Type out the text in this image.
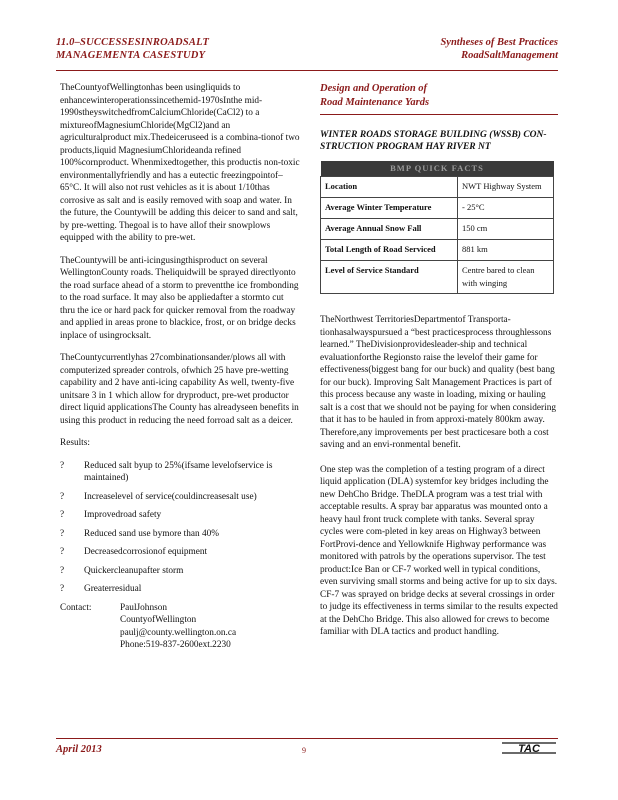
11.0–SUCCESSESINROADSALT
MANAGEMENTA CASESTUDY
Syntheses of Best Practices
RoadSaltManagement

TheCountyofWellingtonhas been usingliquids to enhancewinteroperationssincethemid-1970sInthe mid-1990stheyswitchedfromCalciumChloride(CaCl2) to a mixtureofMagnesiumChloride(MgCl2)and an agriculturalproduct mix.Thedeiceruseed is a combina-tionof two products,liquid MagnesiumChlorideanda refined 100%cornproduct. Whenmixedtogether, this productis non-toxic environmentallyfriendly and has a eutectic freezingpointof–65°C. It will also not rust vehicles as it is about 1/10thas corrosive as salt and is easily removed with soap and water. In the future, the Countywill be adding this deicer to sand and salt, by pre-wetting. Thegoal is to have allof their snowplows equipped with the ability to pre-wet.

TheCountywill be anti-icingusingthisproduct on several WellingtonCounty roads. Theliquidwill be sprayed directlyonto the road surface ahead of a storm to preventthe ice frombonding to the road surface. It may also be appliedafter a stormto cut thru the ice or hard pack for quicker removal from the roadway and applied in areas prone to blackice, frost, or on bridge decks inplace of usingrocksalt.

TheCountycurrentlyhas 27combinationsander/plows all with computerized spreader controls, ofwhich 25 have pre-wetting capability and 2 have anti-icing capability As well, twenty-five unitsare 3 in 1 which allow for dryproduct, pre-wet productor direct liquid applicationsThe County has alreadyseen benefits in using this product in reducing the need forroad salt as a deicer.

Results:

? Reduced salt byup to 25%(ifsame levelofservice is maintained)
? Increaselevel of service(couldincreasesalt use)
? Improvedroad safety
? Reduced sand use bymore than 40%
? Decreasedcorrosionof equipment
? Quickercleanupafter storm
? Greaterresidual
Contact:	PaulJohnson
CountyofWellington
paulj@county.wellington.on.ca
Phone:519-837-2600ext.2230
Design and Operation of
Road Maintenance Yards
WINTER ROADS STORAGE BUILDING (WSSB) CON-
STRUCTION PROGRAM HAY RIVER NT
BMP QUICK FACTS	
Location	NWT Highway System
Average Winter Temperature	- 25°C
Average Annual Snow Fall	150 cm
Total Length of Road Serviced	881 km
Level of Service Standard	Centre bared to clean with winging

TheNorthwest TerritoriesDepartmentof Transporta-tionhasalwayspursued a “best practicesprocess throughlessons learned.” TheDivisionprovidesleader-ship and technical evaluationforthe Regionsto raise the levelof their game for effectiveness(biggest bang for our buck) and quality (best bang for our buck). Improving Salt Management Practices is part of this process because any waste in loading, mixing or hauling salt is a cost that we should not be paying for when considering that it has to be hauled in from approxi-mately 800km away. Therefore,any improvements per best practicesare both a cost saving and an envi-ronmental benefit.

One step was the completion of a testing program of a direct liquid application (DLA) systemfor key bridges including the new DehCho Bridge. TheDLA program was a test trial with acceptable results. A spray bar apparatus was mounted onto a heavy haul front truck complete with tanks. Several spray cycles were com-pleted in key areas on Highway3 between FortProvi-dence and Yellowknife Highway performance was monitored with patrols by the operations supervisor. The test product:Ice Ban or CF-7 worked well in typical conditions, even surviving small storms and being active for up to six days. CF-7 was sprayed on bridge decks at several crossings in order to judge its effectiveness in terms similar to the results expected at the DehCho Bridge. This also allowed for crews to become familiar with DLA tactics and product handling.

April 2013	9	TAC
